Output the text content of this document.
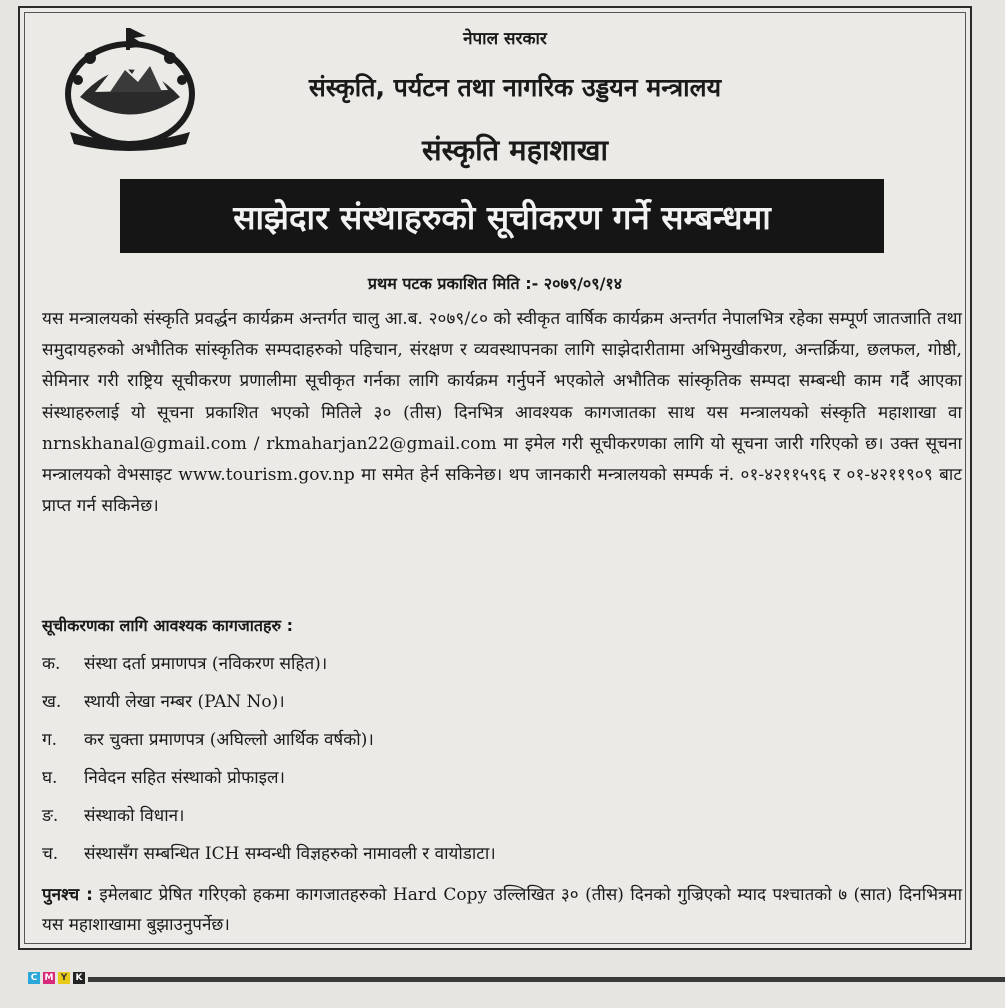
नेपाल सरकार
संस्कृति, पर्यटन तथा नागरिक उड्डयन मन्त्रालय
संस्कृति महाशाखा
साझेदार संस्थाहरुको सूचीकरण गर्ने सम्बन्धमा
प्रथम पटक प्रकाशित मिति :- २०७९/०९/१४
यस मन्त्रालयको संस्कृति प्रवर्द्धन कार्यक्रम अन्तर्गत चालु आ.ब. २०७९/८० को स्वीकृत वार्षिक कार्यक्रम अन्तर्गत नेपालभित्र रहेका सम्पूर्ण जातजाति तथा समुदायहरुको अभौतिक सांस्कृतिक सम्पदाहरुको पहिचान, संरक्षण र व्यवस्थापनका लागि साझेदारीतामा अभिमुखीकरण, अन्तर्क्रिया, छलफल, गोष्ठी, सेमिनार गरी राष्ट्रिय सूचीकरण प्रणालीमा सूचीकृत गर्नका लागि कार्यक्रम गर्नुपर्ने भएकोले अभौतिक सांस्कृतिक सम्पदा सम्बन्धी काम गर्दै आएका संस्थाहरुलाई यो सूचना प्रकाशित भएको मितिले ३० (तीस) दिनभित्र आवश्यक कागजातका साथ यस मन्त्रालयको संस्कृति महाशाखा वा nrnskhanal@gmail.com / rkmaharjan22@gmail.com मा इमेल गरी सूचीकरणका लागि यो सूचना जारी गरिएको छ। उक्त सूचना मन्त्रालयको वेभसाइट www.tourism.gov.np मा समेत हेर्न सकिनेछ। थप जानकारी मन्त्रालयको सम्पर्क नं. ०१-४२११५९६ र ०१-४२११९०९ बाट प्राप्त गर्न सकिनेछ।
सूचीकरणका लागि आवश्यक कागजातहरु :
क.	संस्था दर्ता प्रमाणपत्र (नविकरण सहित)।
ख.	स्थायी लेखा नम्बर (PAN No)।
ग.	कर चुक्ता प्रमाणपत्र (अघिल्लो आर्थिक वर्षको)।
घ.	निवेदन सहित संस्थाको प्रोफाइल।
ङ.	संस्थाको विधान।
च.	संस्थासँग सम्बन्धित ICH सम्वन्धी विज्ञहरुको नामावली र वायोडाटा।
पुनश्च : इमेलबाट प्रेषित गरिएको हकमा कागजातहरुको Hard Copy उल्लिखित ३० (तीस) दिनको गुज्रिएको म्याद पश्चातको ७ (सात) दिनभित्रमा यस महाशाखामा बुझाउनुपर्नेछ।
C M Y K
